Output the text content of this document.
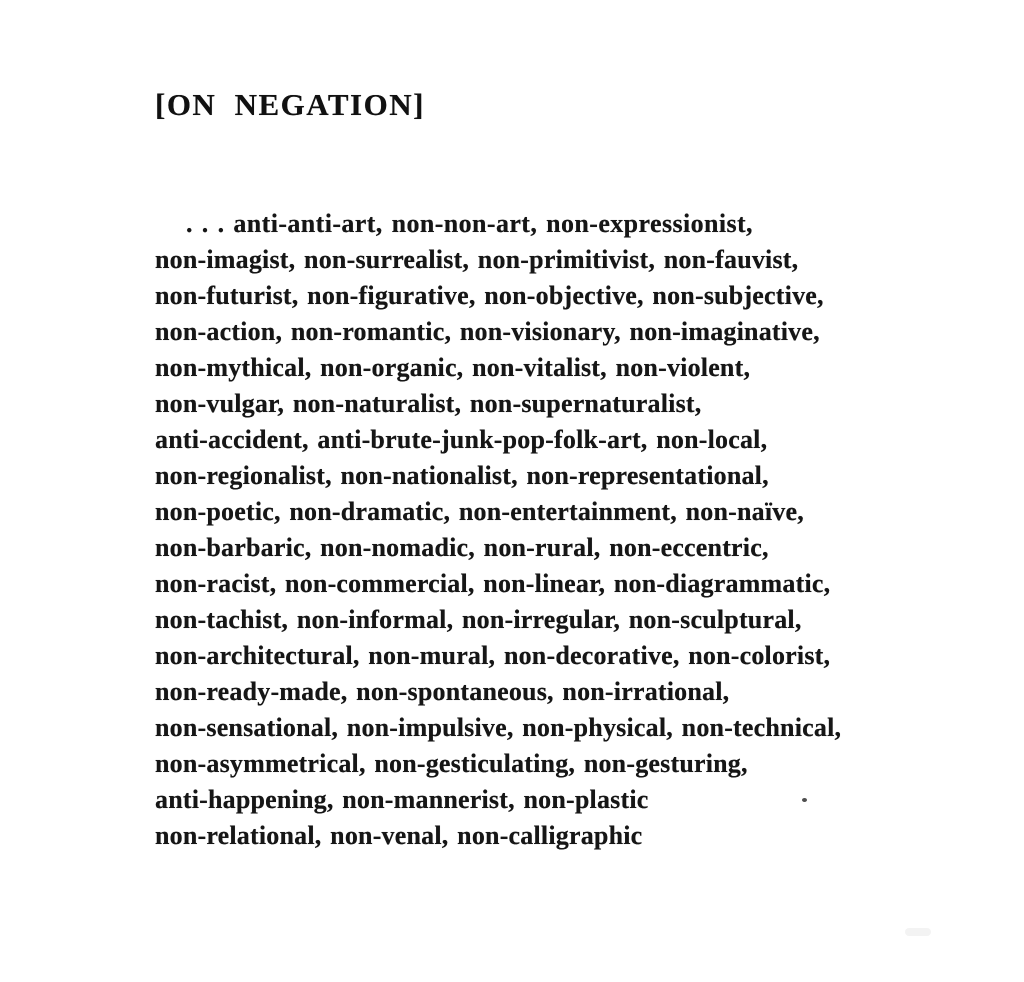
[ON NEGATION]
. . . anti-anti-art, non-non-art, non-expressionist,
non-imagist, non-surrealist, non-primitivist, non-fauvist,
non-futurist, non-figurative, non-objective, non-subjective,
non-action, non-romantic, non-visionary, non-imaginative,
non-mythical, non-organic, non-vitalist, non-violent,
non-vulgar, non-naturalist, non-supernaturalist,
anti-accident, anti-brute-junk-pop-folk-art, non-local,
non-regionalist, non-nationalist, non-representational,
non-poetic, non-dramatic, non-entertainment, non-naïve,
non-barbaric, non-nomadic, non-rural, non-eccentric,
non-racist, non-commercial, non-linear, non-diagrammatic,
non-tachist, non-informal, non-irregular, non-sculptural,
non-architectural, non-mural, non-decorative, non-colorist,
non-ready-made, non-spontaneous, non-irrational,
non-sensational, non-impulsive, non-physical, non-technical,
non-asymmetrical, non-gesticulating, non-gesturing,
anti-happening, non-mannerist, non-plastic
non-relational, non-venal, non-calligraphic
